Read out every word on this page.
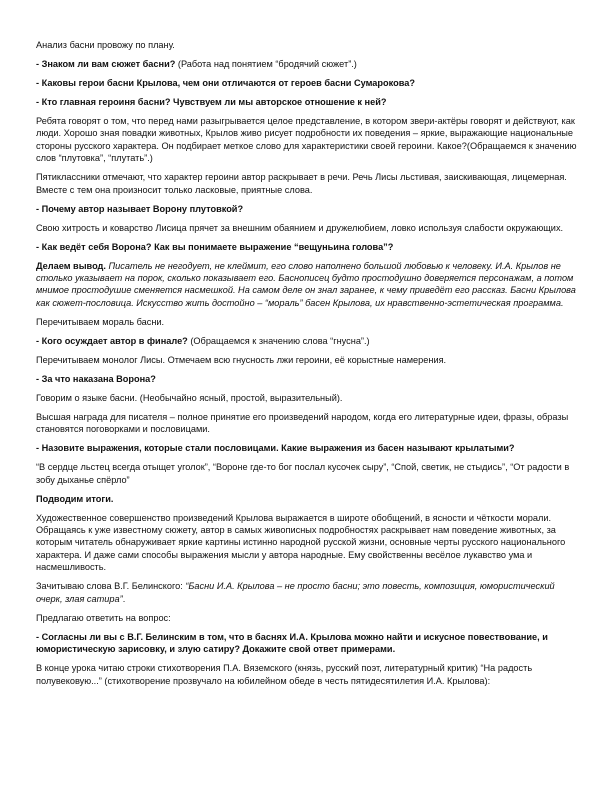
Анализ басни провожу по плану.

- Знаком ли вам сюжет басни? (Работа над понятием “бродячий сюжет”.)

- Каковы герои басни Крылова, чем они отличаются от героев басни Сумарокова?

- Кто главная героиня басни? Чувствуем ли мы авторское отношение к ней?

Ребята говорят о том, что перед нами разыгрывается целое представление, в котором звери-актёры говорят и действуют, как люди. Хорошо зная повадки животных, Крылов живо рисует подробности их поведения – яркие, выражающие национальные стороны русского характера. Он подбирает меткое слово для характеристики своей героини. Какое?(Обращаемся к значению слов “плутовка”, “плутать”.)

Пятиклассники отмечают, что характер героини автор раскрывает в речи. Речь Лисы льстивая, заискивающая, лицемерная. Вместе с тем она произносит только ласковые, приятные слова.

- Почему автор называет Ворону плутовкой?

Свою хитрость и коварство Лисица прячет за внешним обаянием и дружелюбием, ловко используя слабости окружающих.

- Как ведёт себя Ворона? Как вы понимаете выражение “вещуньина голова”?

Делаем вывод. Писатель не негодует, не клеймит, его слово наполнено большой любовью к человеку. И.А. Крылов не столько указывает на порок, сколько показывает его. Баснописец будто простодушно доверяется персонажам, а потом мнимое простодушие сменяется насмешкой. На самом деле он знал заранее, к чему приведёт его рассказ. Басни Крылова как сюжет-пословица. Искусство жить достойно – “мораль” басен Крылова, их нравственно-эстетическая программа.

Перечитываем мораль басни.

- Кого осуждает автор в финале? (Обращаемся к значению слова “гнусна”.)

Перечитываем монолог Лисы. Отмечаем всю гнусность лжи героини, её корыстные намерения.

- За что наказана Ворона?

Говорим о языке басни. (Необычайно ясный, простой, выразительный).

Высшая награда для писателя – полное принятие его произведений народом, когда его литературные идеи, фразы, образы становятся поговорками и пословицами.

- Назовите выражения, которые стали пословицами. Какие выражения из басен называют крылатыми?

“В сердце льстец всегда отыщет уголок”, “Вороне где-то бог послал кусочек сыру”, “Спой, светик, не стыдись”, “От радости в зобу дыханье спёрло”

Подводим итоги.

Художественное совершенство произведений Крылова выражается в широте обобщений, в ясности и чёткости морали. Обращаясь к уже известному сюжету, автор в самых живописных подробностях раскрывает нам поведение животных, за которым читатель обнаруживает яркие картины истинно народной русской жизни, основные черты русского национального характера. И даже сами способы выражения мысли у автора народные. Ему свойственны весёлое лукавство ума и насмешливость.

Зачитываю слова В.Г. Белинского: “Басни И.А. Крылова – не просто басни; это повесть, композиция, юмористический очерк, злая сатира”.

Предлагаю ответить на вопрос:

- Согласны ли вы с В.Г. Белинским в том, что в баснях И.А. Крылова можно найти и искусное повествование, и юмористическую зарисовку, и злую сатиру? Докажите свой ответ примерами.

В конце урока читаю строки стихотворения П.А. Вяземского (князь, русский поэт, литературный критик) “На радость полувековую...” (стихотворение прозвучало на юбилейном обеде в честь пятидесятилетия И.А. Крылова):
